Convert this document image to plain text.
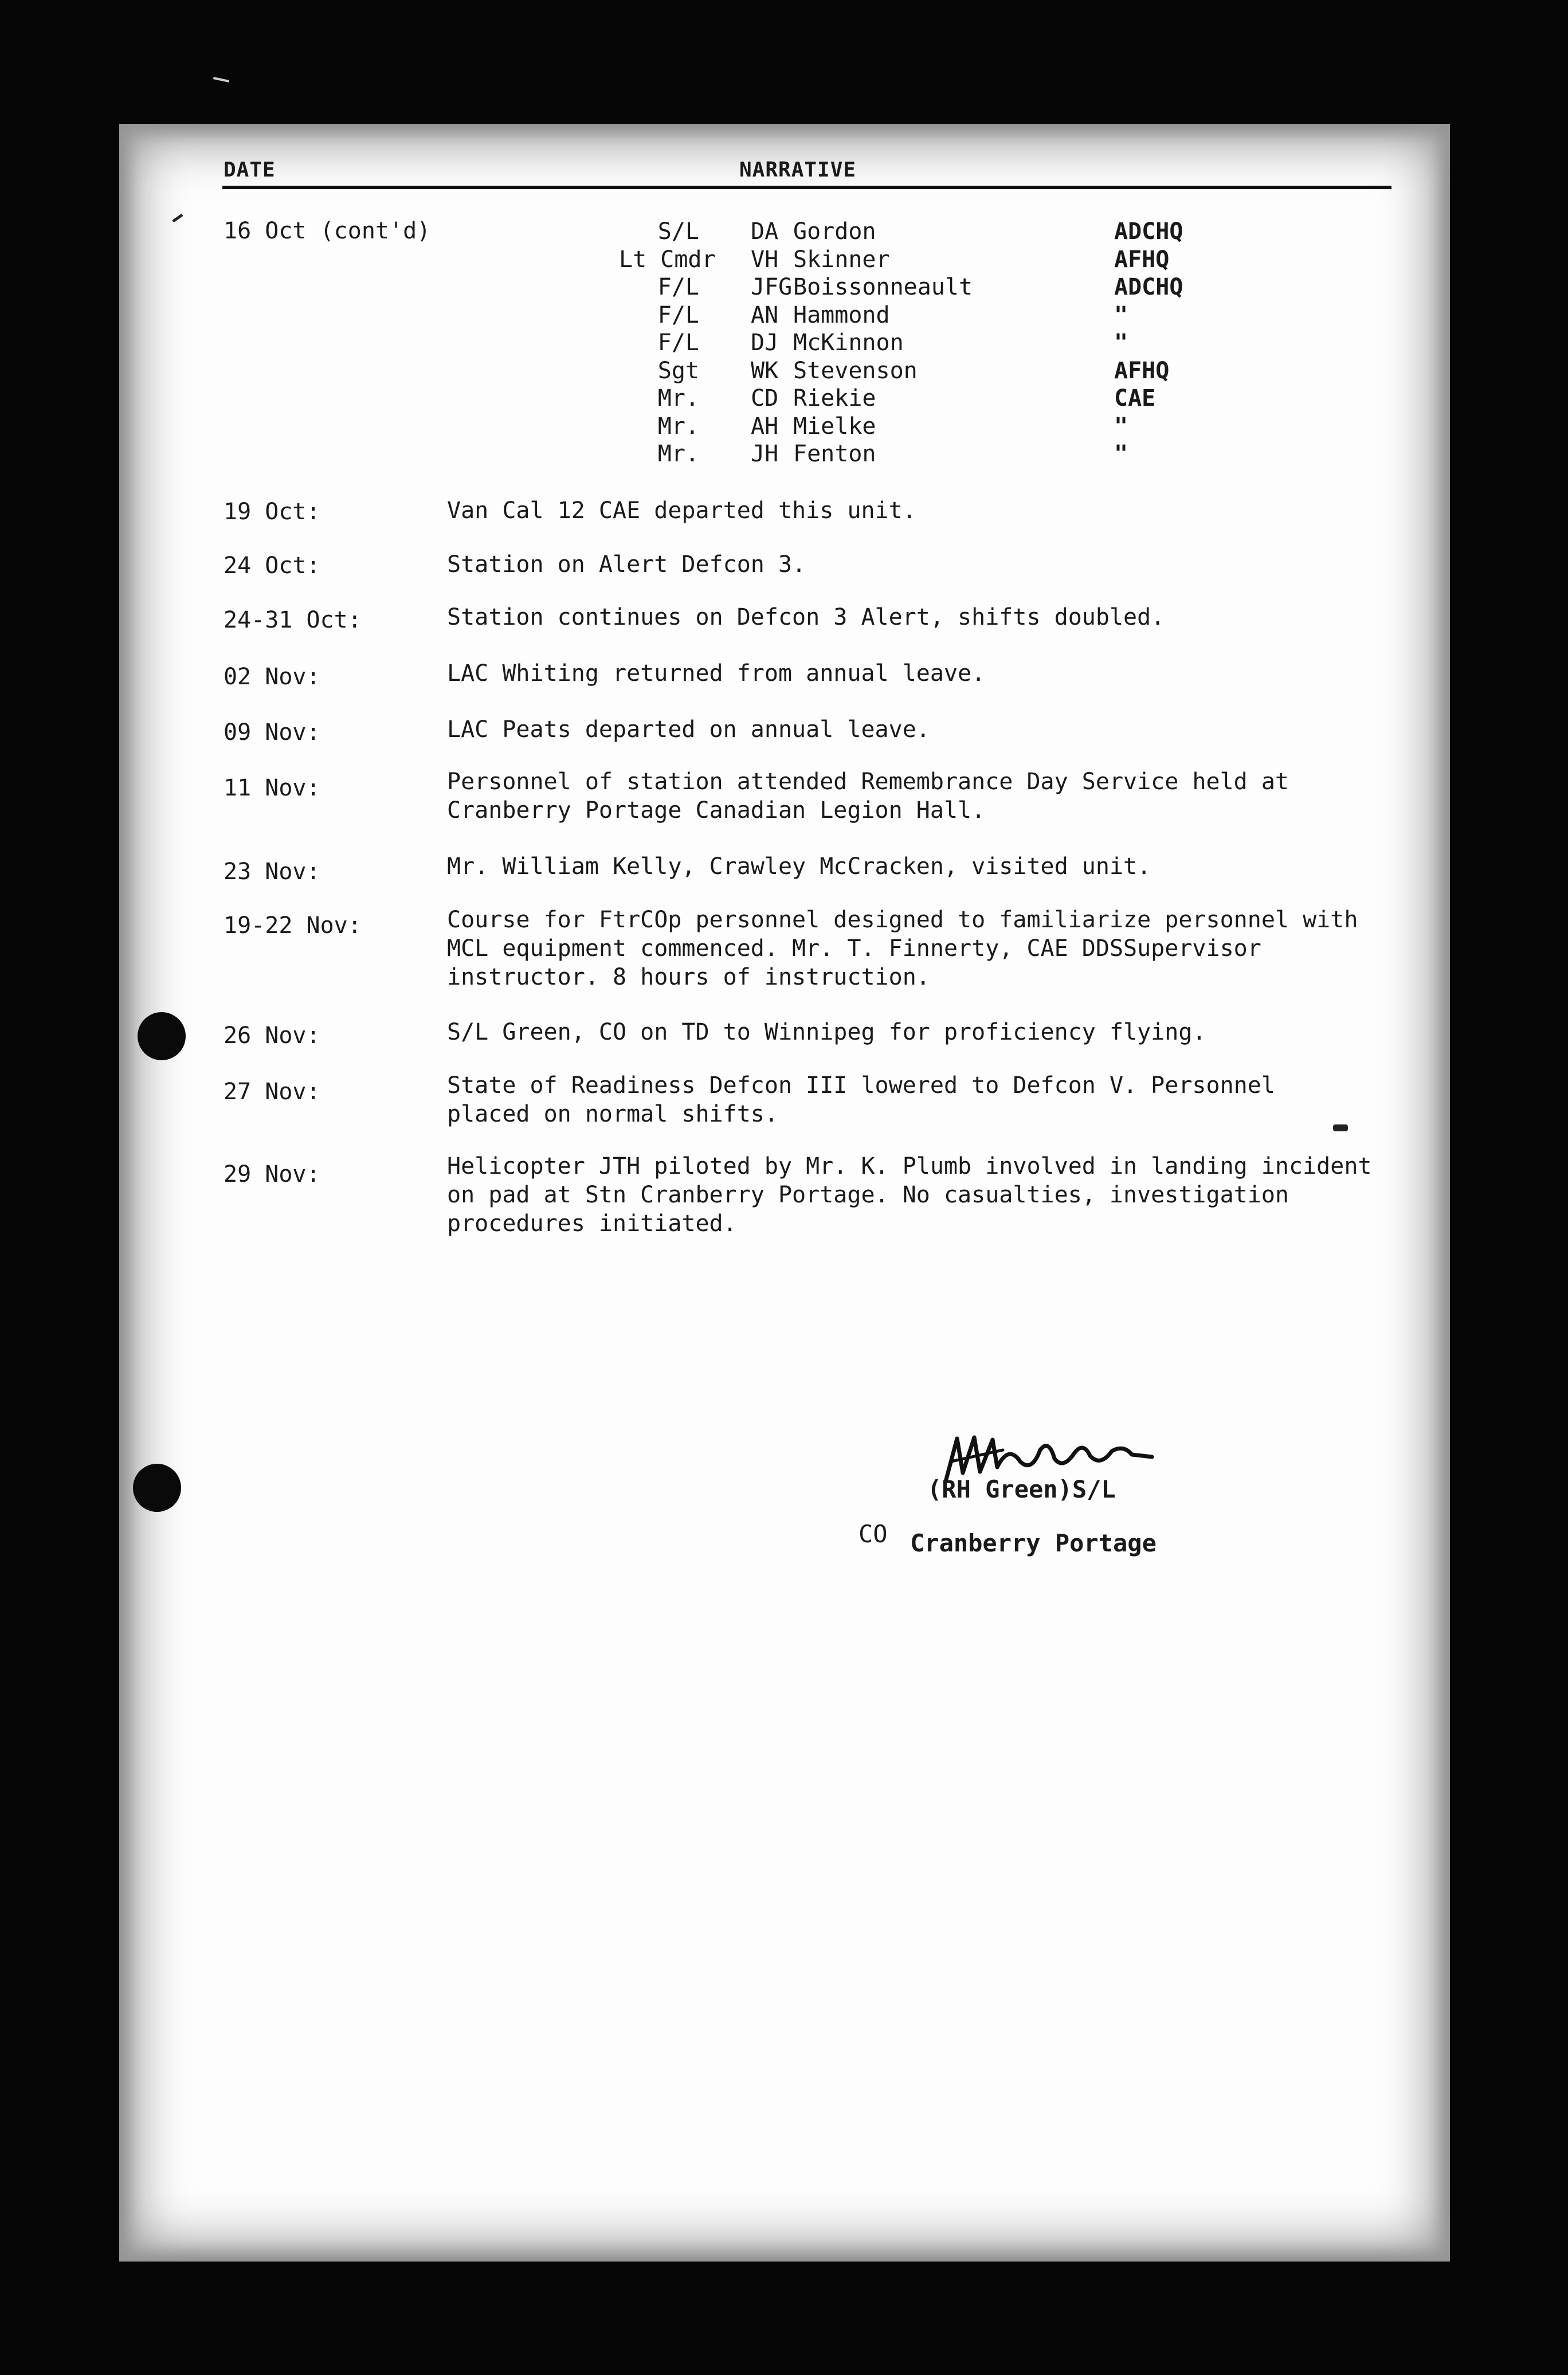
DATE	NARRATIVE
16 Oct (cont'd)	S/L DA Gordon	ADCHQ
Lt Cmdr VH Skinner	AFHQ
F/L JFG Boissonneault	ADCHQ
F/L AN Hammond	"
F/L DJ McKinnon	"
Sgt WK Stevenson	AFHQ
Mr. CD Riekie	CAE
Mr. AH Mielke	"
Mr. JH Fenton	"
19 Oct:	Van Cal 12 CAE departed this unit.
24 Oct:	Station on Alert Defcon 3.
24-31 Oct:	Station continues on Defcon 3 Alert, shifts doubled.
02 Nov:	LAC Whiting returned from annual leave.
09 Nov:	LAC Peats departed on annual leave.
11 Nov:	Personnel of station attended Remembrance Day Service held at
Cranberry Portage Canadian Legion Hall.
23 Nov:	Mr. William Kelly, Crawley McCracken, visited unit.
19-22 Nov:	Course for FtrCOp personnel designed to familiarize personnel with
MCL equipment commenced. Mr. T. Finnerty, CAE DDSSupervisor
instructor. 8 hours of instruction.
26 Nov:	S/L Green, CO on TD to Winnipeg for proficiency flying.
27 Nov:	State of Readiness Defcon III lowered to Defcon V. Personnel
placed on normal shifts.
29 Nov:	Helicopter JTH piloted by Mr. K. Plumb involved in landing incident
on pad at Stn Cranberry Portage. No casualties, investigation
procedures initiated.
(RH Green)S/L
CO Cranberry Portage
